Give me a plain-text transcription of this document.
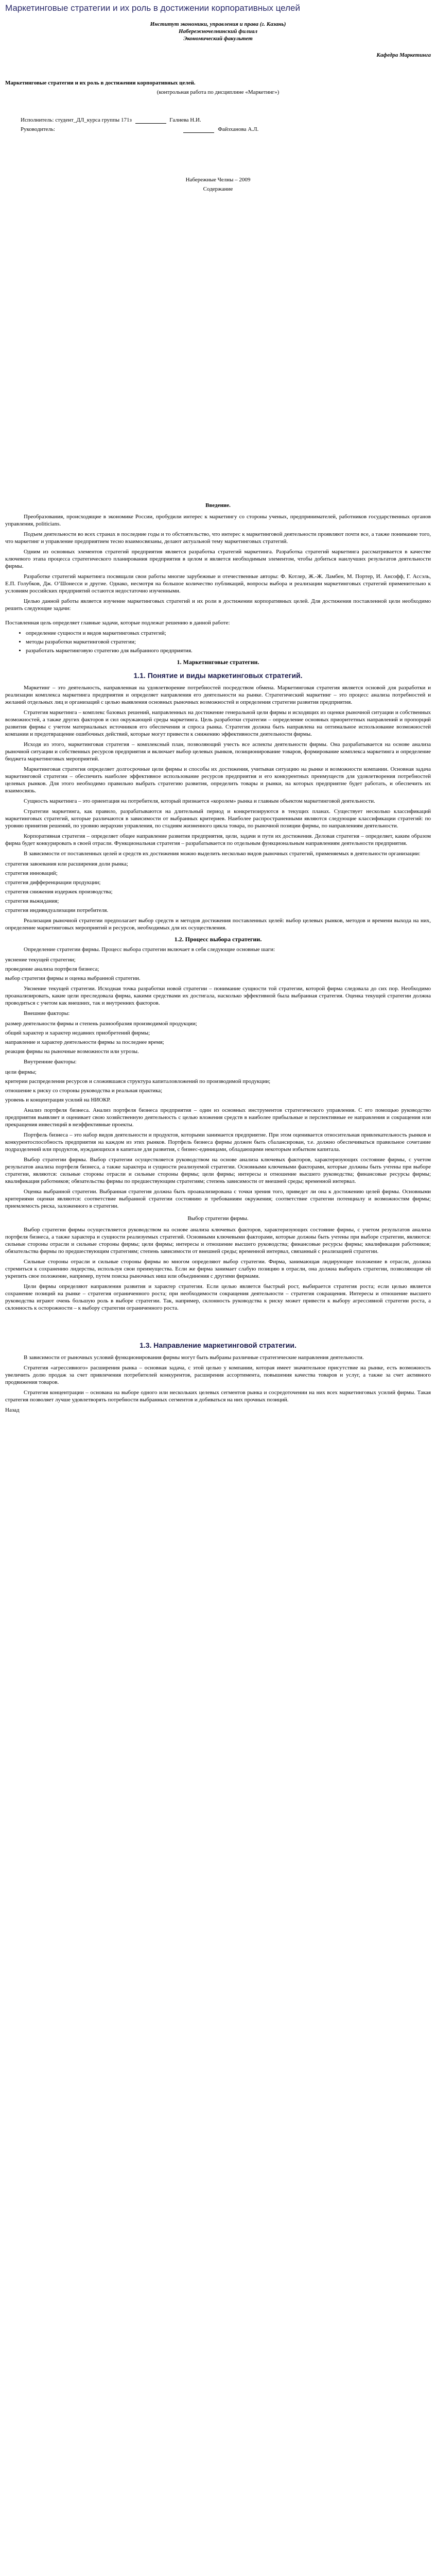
Маркетинговые стратегии и их роль в достижении корпоративных целей
Институт экономики, управления и права (г. Казань)
Набережночелнинский филиал
Экономический факультет
Кафедра Маркетинга
Маркетинговые стратегии и их роль в достижении корпоративных целей.
(контрольная работа по дисциплине «Маркетинг»)
Исполнитель: студент_ДЛ_курса группы 171з	Галиева Н.И.
Руководитель:	Файзханова А.Л.
Набережные Челны – 2009
Содержание
Введение.

Преобразования, происходящие в экономике России, пробудили интерес к маркетингу со стороны ученых, предпринимателей, работников государственных органов управления, politicians.

Подъем деятельности во всех странах в последние годы и то обстоятельство, что интерес к маркетинговой деятельности проявляют почти все, а также понимание того, что маркетинг и управление предприятием тесно взаимосвязаны, делают актуальной тему маркетинговых стратегий.

Одним из основных элементов стратегий предприятия является разработка стратегий маркетинга. Разработка стратегий маркетинга рассматривается в качестве ключевого этапа процесса стратегического планирования предприятия в целом и является необходимым элементом, чтобы добиться наилучших результатов деятельности фирмы.

Разработке стратегий маркетинга посвящали свои работы многие зарубежные и отечественные авторы: Ф. Котлер, Ж.-Ж. Ламбен, М. Портер, И. Ансофф, Г. Ассэль, Е.П. Голубков, Дж. О’Шонесси и другие. Однако, несмотря на большое количество публикаций, вопросы выбора и реализации маркетинговых стратегий применительно к условиям российских предприятий остаются недостаточно изученными.

Целью данной работы является изучение маркетинговых стратегий и их роли в достижении корпоративных целей. Для достижения поставленной цели необходимо решить следующие задачи:

Поставленная цель определяет главные задачи, которые подлежат решению в данной работе:

• определение сущности и видов маркетинговых стратегий;
• методы разработки маркетинговой стратегии;
• разработать маркетинговую стратегию для выбранного предприятия.
1. Маркетинговые стратегии.
1.1. Понятие и виды маркетинговых стратегий.

Маркетинг – это деятельность, направленная на удовлетворение потребностей посредством обмена. Маркетинговая стратегия является основой для разработки и реализации комплекса маркетинга предприятия и определяет направления его деятельности на рынке. Стратегический маркетинг – это процесс анализа потребностей и желаний отдельных лиц и организаций с целью выявления основных рыночных возможностей и определения стратегии развития предприятия.

Стратегия маркетинга – комплекс базовых решений, направленных на достижение генеральной цели фирмы и исходящих из оценки рыночной ситуации и собственных возможностей, а также других факторов и сил окружающей среды маркетинга. Цель разработки стратегии – определение основных приоритетных направлений и пропорций развития фирмы с учетом материальных источников его обеспечения и спроса рынка. Стратегия должна быть направлена на оптимальное использование возможностей компании и предотвращение ошибочных действий, которые могут привести к снижению эффективности деятельности фирмы.

Исходя из этого, маркетинговая стратегия – комплексный план, позволяющий учесть все аспекты деятельности фирмы. Она разрабатывается на основе анализа рыночной ситуации и собственных ресурсов предприятия и включает выбор целевых рынков, позиционирование товаров, формирование комплекса маркетинга и определение бюджета маркетинговых мероприятий.

Маркетинговая стратегия определяет долгосрочные цели фирмы и способы их достижения, учитывая ситуацию на рынке и возможности компании. Основная задача маркетинговой стратегии – обеспечить наиболее эффективное использование ресурсов предприятия и его конкурентных преимуществ для удовлетворения потребностей целевых рынков. Для этого необходимо правильно выбрать стратегию развития, определить товары и рынки, на которых предприятие будет работать, и обеспечить их взаимосвязь.

Сущность маркетинга – это ориентация на потребителя, который признается «королем» рынка и главным объектом маркетинговой деятельности.

Стратегии маркетинга, как правило, разрабатываются на длительный период и конкретизируются в текущих планах. Существует несколько классификаций маркетинговых стратегий, которые различаются в зависимости от выбранных критериев. Наиболее распространенными являются следующие классификации стратегий: по уровню принятия решений, по уровню иерархии управления, по стадиям жизненного цикла товара, по рыночной позиции фирмы, по направлениям деятельности.

Корпоративная стратегия – определяет общее направление развития предприятия, цели, задачи и пути их достижения. Деловая стратегия – определяет, каким образом фирма будет конкурировать в своей отрасли. Функциональная стратегия – разрабатывается по отдельным функциональным направлениям деятельности предприятия.

В зависимости от поставленных целей и средств их достижения можно выделить несколько видов рыночных стратегий, применяемых в деятельности организации:

стратегия завоевания или расширения доли рынка;
стратегия инноваций;
стратегия дифференциации продукции;
стратегия снижения издержек производства;
стратегия выжидания;
стратегия индивидуализации потребителя.

Реализация рыночной стратегии предполагает выбор средств и методов достижения поставленных целей: выбор целевых рынков, методов и времени выхода на них, определение маркетинговых мероприятий и ресурсов, необходимых для их осуществления.

1.2. Процесс выбора стратегии.

Определение стратегии фирмы. Процесс выбора стратегии включает в себя следующие основные шаги:

уяснение текущей стратегии;
проведение анализа портфеля бизнеса;
выбор стратегии фирмы и оценка выбранной стратегии.

Уяснение текущей стратегии. Исходная точка разработки новой стратегии – понимание сущности той стратегии, которой фирма следовала до сих пор. Необходимо проанализировать, какие цели преследовала фирма, какими средствами их достигала, насколько эффективной была выбранная стратегия. Оценка текущей стратегии должна проводиться с учетом как внешних, так и внутренних факторов.

Внешние факторы:

размер деятельности фирмы и степень разнообразия производимой продукции;
общий характер и характер недавних приобретений фирмы;
направление и характер деятельности фирмы за последнее время;
реакция фирмы на рыночные возможности или угрозы.

Внутренние факторы:

цели фирмы;
критерии распределения ресурсов и сложившаяся структура капиталовложений по производимой продукции;
отношение к риску со стороны руководства и реальная практика;
уровень и концентрация усилий на НИОКР.

Анализ портфеля бизнеса. Анализ портфеля бизнеса предприятия – один из основных инструментов стратегического управления. С его помощью руководство предприятия выявляет и оценивает свою хозяйственную деятельность с целью вложения средств в наиболее прибыльные и перспективные ее направления и сокращения или прекращения инвестиций в неэффективные проекты.

Портфель бизнеса – это набор видов деятельности и продуктов, которыми занимается предприятие. При этом оценивается относительная привлекательность рынков и конкурентоспособность предприятия на каждом из этих рынков. Портфель бизнеса фирмы должен быть сбалансирован, т.е. должно обеспечиваться правильное сочетание подразделений или продуктов, нуждающихся в капитале для развития, с бизнес-единицами, обладающими некоторым избытком капитала.

Выбор стратегии фирмы. Выбор стратегии осуществляется руководством на основе анализа ключевых факторов, характеризующих состояние фирмы, с учетом результатов анализа портфеля бизнеса, а также характера и сущности реализуемой стратегии. Основными ключевыми факторами, которые должны быть учтены при выборе стратегии, являются: сильные стороны отрасли и сильные стороны фирмы; цели фирмы; интересы и отношение высшего руководства; финансовые ресурсы фирмы; квалификация работников; обязательства фирмы по предшествующим стратегиям; степень зависимости от внешней среды; временной интервал.

Оценка выбранной стратегии. Выбранная стратегия должна быть проанализирована с точки зрения того, приведет ли она к достижению целей фирмы. Основными критериями оценки являются: соответствие выбранной стратегии состоянию и требованиям окружения; соответствие стратегии потенциалу и возможностям фирмы; приемлемость риска, заложенного в стратегии.

Выбор стратегии фирмы.

Выбор стратегии фирмы осуществляется руководством на основе анализа ключевых факторов, характеризующих состояние фирмы, с учетом результатов анализа портфеля бизнеса, а также характера и сущности реализуемых стратегий. Основными ключевыми факторами, которые должны быть учтены при выборе стратегии, являются: сильные стороны отрасли и сильные стороны фирмы; цели фирмы; интересы и отношение высшего руководства; финансовые ресурсы фирмы; квалификация работников; обязательства фирмы по предшествующим стратегиям; степень зависимости от внешней среды; временной интервал, связанный с реализацией стратегии.

Сильные стороны отрасли и сильные стороны фирмы во многом определяют выбор стратегии. Фирма, занимающая лидирующее положение в отрасли, должна стремиться к сохранению лидерства, используя свои преимущества. Если же фирма занимает слабую позицию в отрасли, она должна выбирать стратегии, позволяющие ей укрепить свое положение, например, путем поиска рыночных ниш или объединения с другими фирмами.

Цели фирмы определяют направления развития и характер стратегии. Если целью является быстрый рост, выбирается стратегия роста; если целью является сохранение позиций на рынке – стратегия ограниченного роста; при необходимости сокращения деятельности – стратегия сокращения. Интересы и отношение высшего руководства играют очень большую роль в выборе стратегии. Так, например, склонность руководства к риску может привести к выбору агрессивной стратегии роста, а склонность к осторожности – к выбору стратегии ограниченного роста.

1.3. Направление маркетинговой стратегии.

В зависимости от рыночных условий функционирования фирмы могут быть выбраны различные стратегические направления деятельности.

Стратегия «агрессивного» расширения рынка – основная задача, с этой целью у компании, которая имеет значительное присутствие на рынке, есть возможность увеличить долю продаж за счет привлечения потребителей конкурентов, расширения ассортимента, повышения качества товаров и услуг, а также за счет активного продвижения товаров.

Стратегия концентрации – основана на выборе одного или нескольких целевых сегментов рынка и сосредоточении на них всех маркетинговых усилий фирмы. Такая стратегия позволяет лучше удовлетворять потребности выбранных сегментов и добиваться на них прочных позиций.

Назад
